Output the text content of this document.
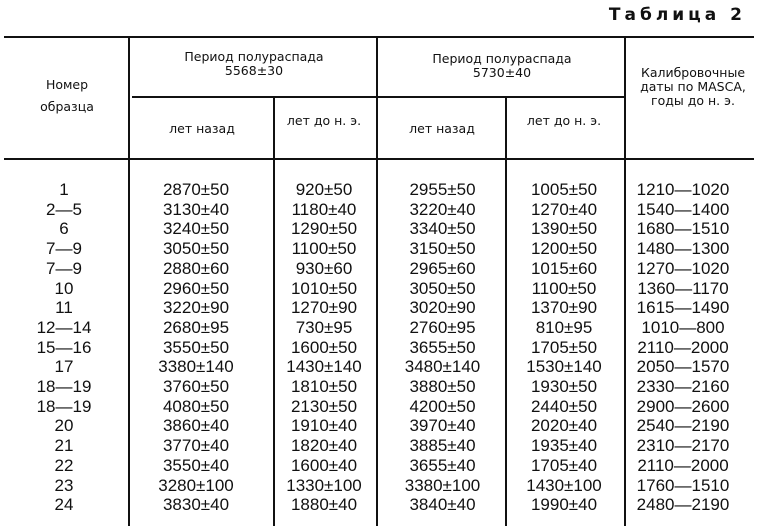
Таблица 2
Номер образца
Период полураспада
5568±30
Период полураспада
5730±40
лет назад
лет до н. э.
лет назад
лет до н. э.
Калибровочные даты по MASCA, годы до н. э.
1	2870±50	920±50	2955±50	1005±50	1210—1020
2—5	3130±40	1180±40	3220±40	1270±40	1540—1400
6	3240±50	1290±50	3340±50	1390±50	1680—1510
7—9	3050±50	1100±50	3150±50	1200±50	1480—1300
7—9	2880±60	930±60	2965±60	1015±60	1270—1020
10	2960±50	1010±50	3050±50	1100±50	1360—1170
11	3220±90	1270±90	3020±90	1370±90	1615—1490
12—14	2680±95	730±95	2760±95	810±95	1010—800
15—16	3550±50	1600±50	3655±50	1705±50	2110—2000
17	3380±140	1430±140	3480±140	1530±140	2050—1570
18—19	3760±50	1810±50	3880±50	1930±50	2330—2160
18—19	4080±50	2130±50	4200±50	2440±50	2900—2600
20	3860±40	1910±40	3970±40	2020±40	2540—2190
21	3770±40	1820±40	3885±40	1935±40	2310—2170
22	3550±40	1600±40	3655±40	1705±40	2110—2000
23	3280±100	1330±100	3380±100	1430±100	1760—1510
24	3830±40	1880±40	3840±40	1990±40	2480—2190
